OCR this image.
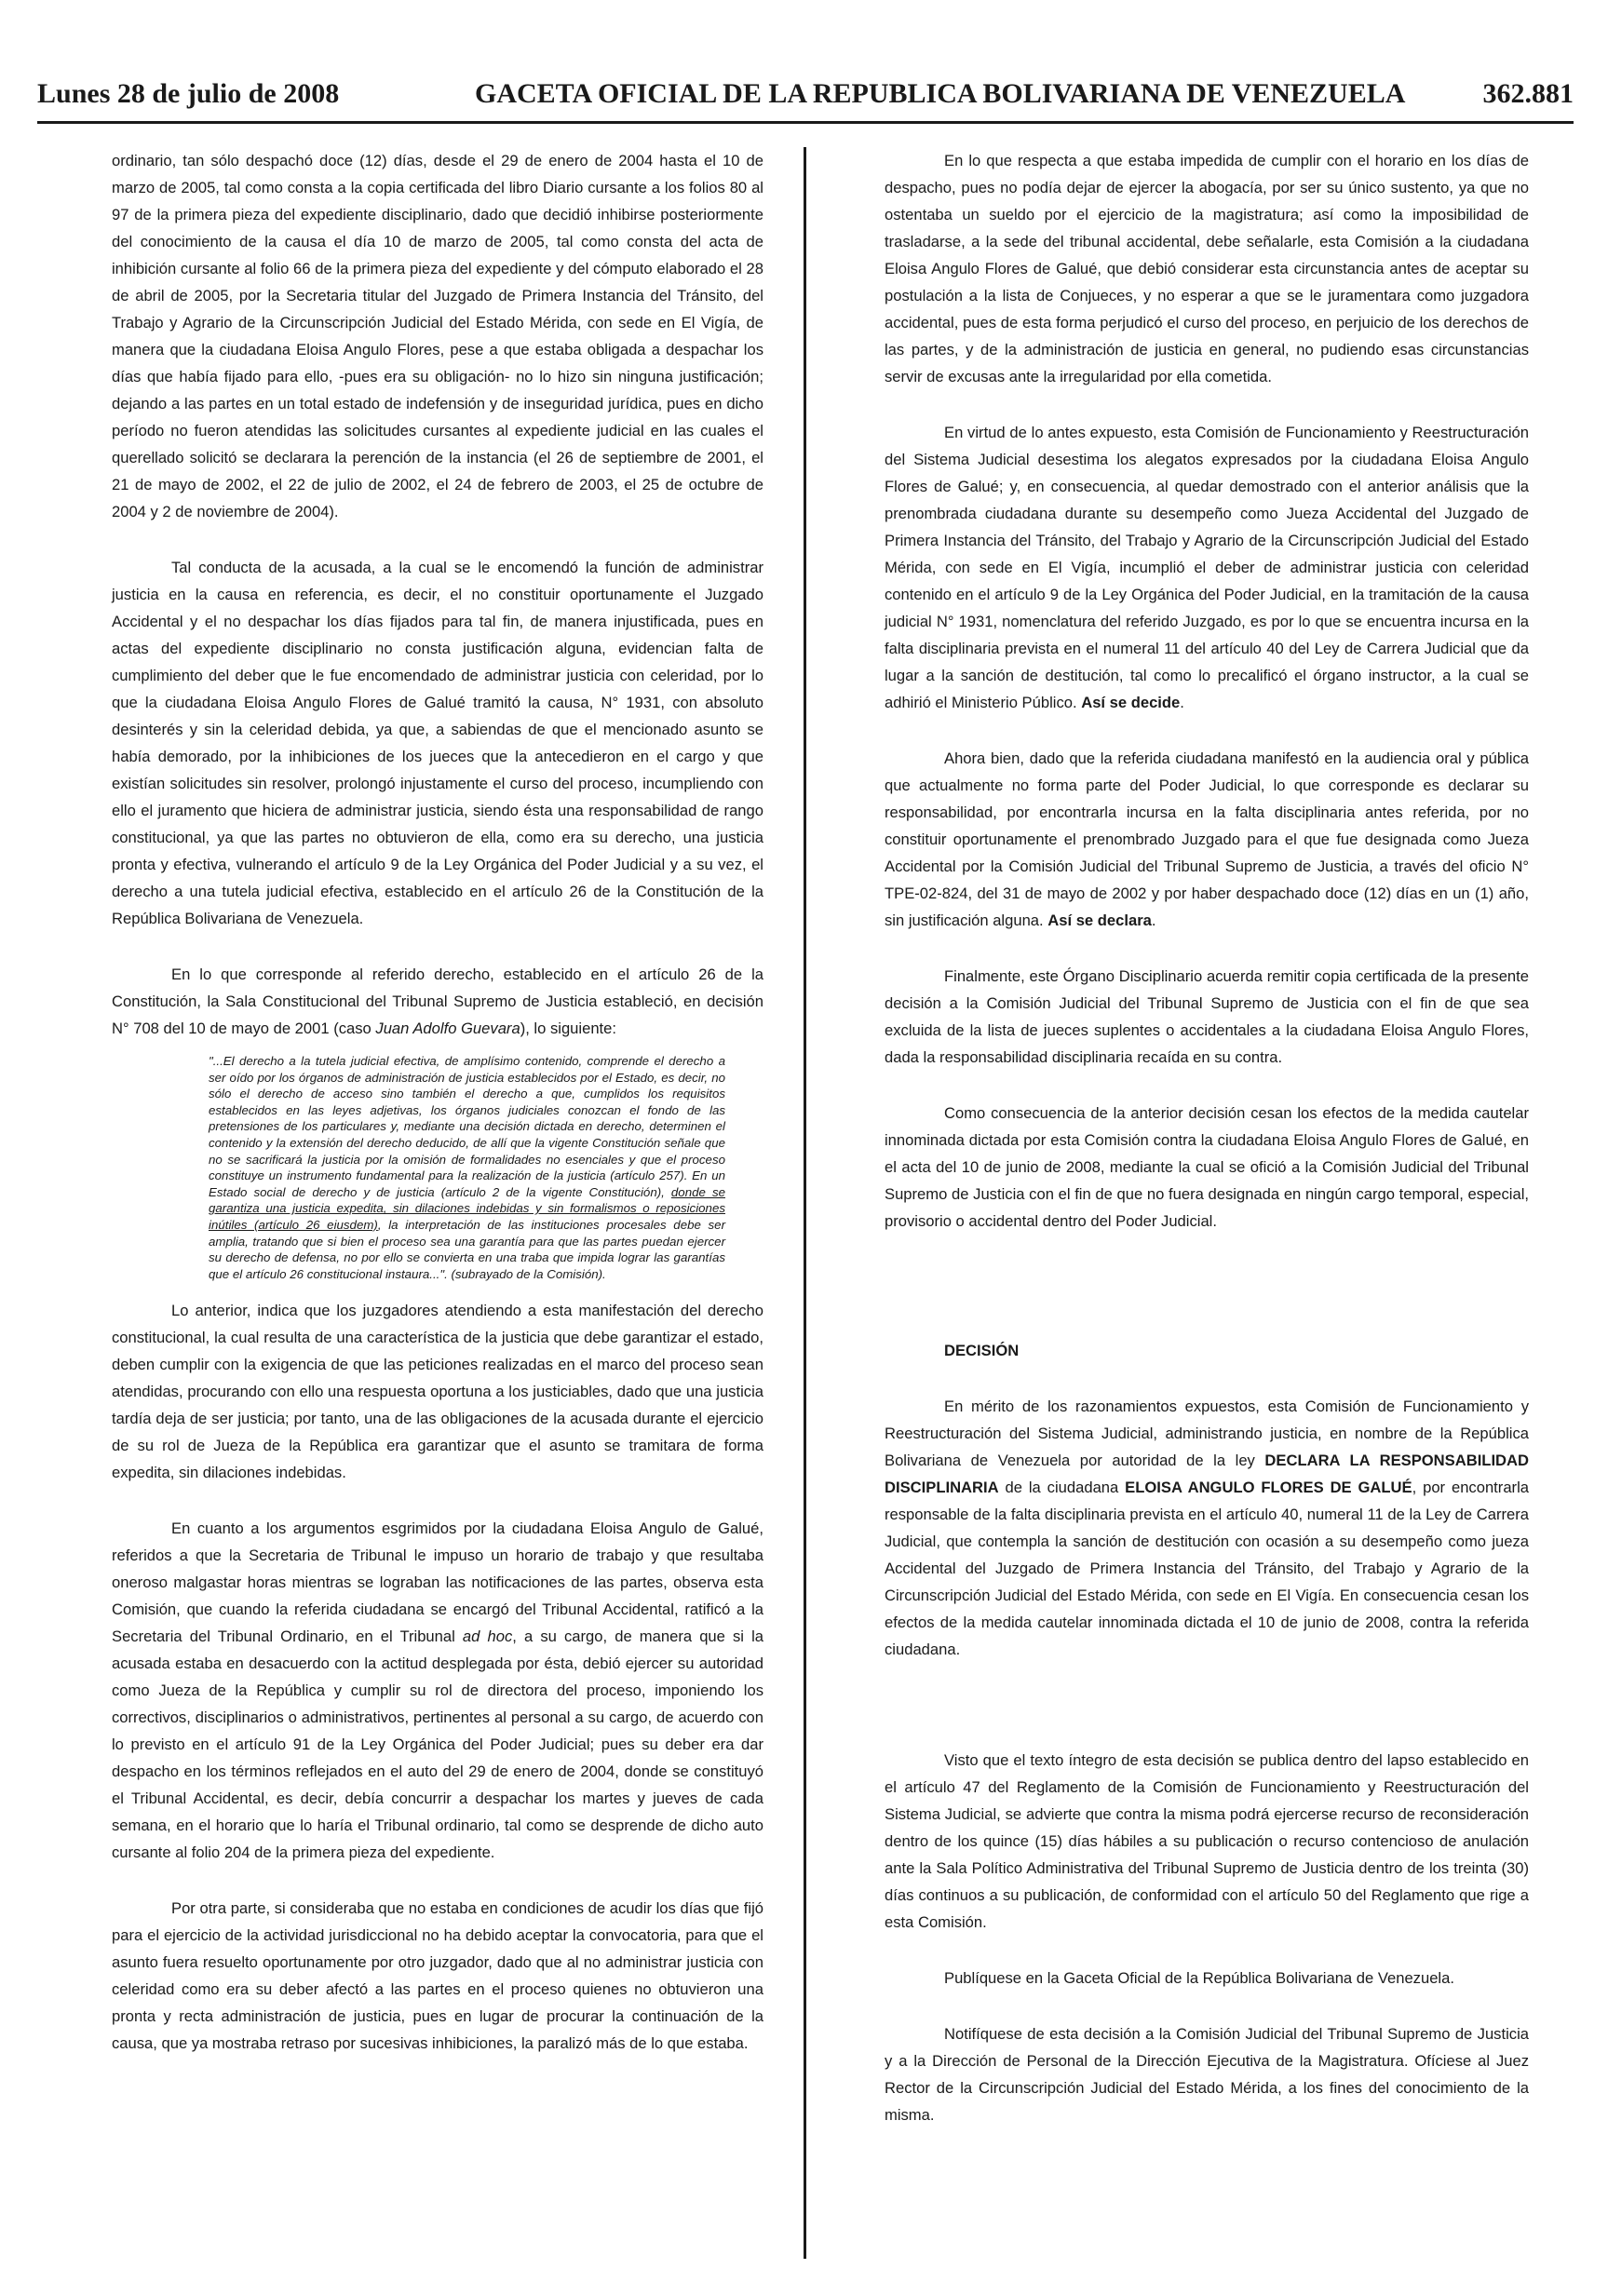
Lunes 28 de julio de 2008	GACETA OFICIAL DE LA REPUBLICA BOLIVARIANA DE VENEZUELA	362.881

ordinario, tan sólo despachó doce (12) días, desde el 29 de enero de 2004 hasta el 10 de marzo de 2005, tal como consta a la copia certificada del libro Diario cursante a los folios 80 al 97 de la primera pieza del expediente disciplinario, dado que decidió inhibirse posteriormente del conocimiento de la causa el día 10 de marzo de 2005, tal como consta del acta de inhibición cursante al folio 66 de la primera pieza del expediente y del cómputo elaborado el 28 de abril de 2005, por la Secretaria titular del Juzgado de Primera Instancia del Tránsito, del Trabajo y Agrario de la Circunscripción Judicial del Estado Mérida, con sede en El Vigía, de manera que la ciudadana Eloisa Angulo Flores, pese a que estaba obligada a despachar los días que había fijado para ello, -pues era su obligación- no lo hizo sin ninguna justificación; dejando a las partes en un total estado de indefensión y de inseguridad jurídica, pues en dicho período no fueron atendidas las solicitudes cursantes al expediente judicial en las cuales el querellado solicitó se declarara la perención de la instancia (el 26 de septiembre de 2001, el 21 de mayo de 2002, el 22 de julio de 2002, el 24 de febrero de 2003, el 25 de octubre de 2004 y 2 de noviembre de 2004).

Tal conducta de la acusada, a la cual se le encomendó la función de administrar justicia en la causa en referencia, es decir, el no constituir oportunamente el Juzgado Accidental y el no despachar los días fijados para tal fin, de manera injustificada, pues en actas del expediente disciplinario no consta justificación alguna, evidencian falta de cumplimiento del deber que le fue encomendado de administrar justicia con celeridad, por lo que la ciudadana Eloisa Angulo Flores de Galué tramitó la causa, N° 1931, con absoluto desinterés y sin la celeridad debida, ya que, a sabiendas de que el mencionado asunto se había demorado, por la inhibiciones de los jueces que la antecedieron en el cargo y que existían solicitudes sin resolver, prolongó injustamente el curso del proceso, incumpliendo con ello el juramento que hiciera de administrar justicia, siendo ésta una responsabilidad de rango constitucional, ya que las partes no obtuvieron de ella, como era su derecho, una justicia pronta y efectiva, vulnerando el artículo 9 de la Ley Orgánica del Poder Judicial y a su vez, el derecho a una tutela judicial efectiva, establecido en el artículo 26 de la Constitución de la República Bolivariana de Venezuela.

En lo que corresponde al referido derecho, establecido en el artículo 26 de la Constitución, la Sala Constitucional del Tribunal Supremo de Justicia estableció, en decisión N° 708 del 10 de mayo de 2001 (caso Juan Adolfo Guevara), lo siguiente:

"...El derecho a la tutela judicial efectiva, de amplísimo contenido, comprende el derecho a ser oído por los órganos de administración de justicia establecidos por el Estado, es decir, no sólo el derecho de acceso sino también el derecho a que, cumplidos los requisitos establecidos en las leyes adjetivas, los órganos judiciales conozcan el fondo de las pretensiones de los particulares y, mediante una decisión dictada en derecho, determinen el contenido y la extensión del derecho deducido, de allí que la vigente Constitución señale que no se sacrificará la justicia por la omisión de formalidades no esenciales y que el proceso constituye un instrumento fundamental para la realización de la justicia (artículo 257). En un Estado social de derecho y de justicia (artículo 2 de la vigente Constitución), donde se garantiza una justicia expedita, sin dilaciones indebidas y sin formalismos o reposiciones inútiles (artículo 26 eiusdem), la interpretación de las instituciones procesales debe ser amplia, tratando que si bien el proceso sea una garantía para que las partes puedan ejercer su derecho de defensa, no por ello se convierta en una traba que impida lograr las garantías que el artículo 26 constitucional instaura...". (subrayado de la Comisión).

Lo anterior, indica que los juzgadores atendiendo a esta manifestación del derecho constitucional, la cual resulta de una característica de la justicia que debe garantizar el estado, deben cumplir con la exigencia de que las peticiones realizadas en el marco del proceso sean atendidas, procurando con ello una respuesta oportuna a los justiciables, dado que una justicia tardía deja de ser justicia; por tanto, una de las obligaciones de la acusada durante el ejercicio de su rol de Jueza de la República era garantizar que el asunto se tramitara de forma expedita, sin dilaciones indebidas.

En cuanto a los argumentos esgrimidos por la ciudadana Eloisa Angulo de Galué, referidos a que la Secretaria de Tribunal le impuso un horario de trabajo y que resultaba oneroso malgastar horas mientras se lograban las notificaciones de las partes, observa esta Comisión, que cuando la referida ciudadana se encargó del Tribunal Accidental, ratificó a la Secretaria del Tribunal Ordinario, en el Tribunal ad hoc, a su cargo, de manera que si la acusada estaba en desacuerdo con la actitud desplegada por ésta, debió ejercer su autoridad como Jueza de la República y cumplir su rol de directora del proceso, imponiendo los correctivos, disciplinarios o administrativos, pertinentes al personal a su cargo, de acuerdo con lo previsto en el artículo 91 de la Ley Orgánica del Poder Judicial; pues su deber era dar despacho en los términos reflejados en el auto del 29 de enero de 2004, donde se constituyó el Tribunal Accidental, es decir, debía concurrir a despachar los martes y jueves de cada semana, en el horario que lo haría el Tribunal ordinario, tal como se desprende de dicho auto cursante al folio 204 de la primera pieza del expediente.

Por otra parte, si consideraba que no estaba en condiciones de acudir los días que fijó para el ejercicio de la actividad jurisdiccional no ha debido aceptar la convocatoria, para que el asunto fuera resuelto oportunamente por otro juzgador, dado que al no administrar justicia con celeridad como era su deber afectó a las partes en el proceso quienes no obtuvieron una pronta y recta administración de justicia, pues en lugar de procurar la continuación de la causa, que ya mostraba retraso por sucesivas inhibiciones, la paralizó más de lo que estaba.

En lo que respecta a que estaba impedida de cumplir con el horario en los días de despacho, pues no podía dejar de ejercer la abogacía, por ser su único sustento, ya que no ostentaba un sueldo por el ejercicio de la magistratura; así como la imposibilidad de trasladarse, a la sede del tribunal accidental, debe señalarle, esta Comisión a la ciudadana Eloisa Angulo Flores de Galué, que debió considerar esta circunstancia antes de aceptar su postulación a la lista de Conjueces, y no esperar a que se le juramentara como juzgadora accidental, pues de esta forma perjudicó el curso del proceso, en perjuicio de los derechos de las partes, y de la administración de justicia en general, no pudiendo esas circunstancias servir de excusas ante la irregularidad por ella cometida.

En virtud de lo antes expuesto, esta Comisión de Funcionamiento y Reestructuración del Sistema Judicial desestima los alegatos expresados por la ciudadana Eloisa Angulo Flores de Galué; y, en consecuencia, al quedar demostrado con el anterior análisis que la prenombrada ciudadana durante su desempeño como Jueza Accidental del Juzgado de Primera Instancia del Tránsito, del Trabajo y Agrario de la Circunscripción Judicial del Estado Mérida, con sede en El Vigía, incumplió el deber de administrar justicia con celeridad contenido en el artículo 9 de la Ley Orgánica del Poder Judicial, en la tramitación de la causa judicial N° 1931, nomenclatura del referido Juzgado, es por lo que se encuentra incursa en la falta disciplinaria prevista en el numeral 11 del artículo 40 del Ley de Carrera Judicial que da lugar a la sanción de destitución, tal como lo precalificó el órgano instructor, a la cual se adhirió el Ministerio Público. Así se decide.

Ahora bien, dado que la referida ciudadana manifestó en la audiencia oral y pública que actualmente no forma parte del Poder Judicial, lo que corresponde es declarar su responsabilidad, por encontrarla incursa en la falta disciplinaria antes referida, por no constituir oportunamente el prenombrado Juzgado para el que fue designada como Jueza Accidental por la Comisión Judicial del Tribunal Supremo de Justicia, a través del oficio N° TPE-02-824, del 31 de mayo de 2002 y por haber despachado doce (12) días en un (1) año, sin justificación alguna. Así se declara.

Finalmente, este Órgano Disciplinario acuerda remitir copia certificada de la presente decisión a la Comisión Judicial del Tribunal Supremo de Justicia con el fin de que sea excluida de la lista de jueces suplentes o accidentales a la ciudadana Eloisa Angulo Flores, dada la responsabilidad disciplinaria recaída en su contra.

Como consecuencia de la anterior decisión cesan los efectos de la medida cautelar innominada dictada por esta Comisión contra la ciudadana Eloisa Angulo Flores de Galué, en el acta del 10 de junio de 2008, mediante la cual se ofició a la Comisión Judicial del Tribunal Supremo de Justicia con el fin de que no fuera designada en ningún cargo temporal, especial, provisorio o accidental dentro del Poder Judicial.

DECISIÓN

En mérito de los razonamientos expuestos, esta Comisión de Funcionamiento y Reestructuración del Sistema Judicial, administrando justicia, en nombre de la República Bolivariana de Venezuela por autoridad de la ley DECLARA LA RESPONSABILIDAD DISCIPLINARIA de la ciudadana ELOISA ANGULO FLORES DE GALUÉ, por encontrarla responsable de la falta disciplinaria prevista en el artículo 40, numeral 11 de la Ley de Carrera Judicial, que contempla la sanción de destitución con ocasión a su desempeño como jueza Accidental del Juzgado de Primera Instancia del Tránsito, del Trabajo y Agrario de la Circunscripción Judicial del Estado Mérida, con sede en El Vigía. En consecuencia cesan los efectos de la medida cautelar innominada dictada el 10 de junio de 2008, contra la referida ciudadana.

Visto que el texto íntegro de esta decisión se publica dentro del lapso establecido en el artículo 47 del Reglamento de la Comisión de Funcionamiento y Reestructuración del Sistema Judicial, se advierte que contra la misma podrá ejercerse recurso de reconsideración dentro de los quince (15) días hábiles a su publicación o recurso contencioso de anulación ante la Sala Político Administrativa del Tribunal Supremo de Justicia dentro de los treinta (30) días continuos a su publicación, de conformidad con el artículo 50 del Reglamento que rige a esta Comisión.

Publíquese en la Gaceta Oficial de la República Bolivariana de Venezuela.

Notifíquese de esta decisión a la Comisión Judicial del Tribunal Supremo de Justicia y a la Dirección de Personal de la Dirección Ejecutiva de la Magistratura. Ofíciese al Juez Rector de la Circunscripción Judicial del Estado Mérida, a los fines del conocimiento de la misma.
